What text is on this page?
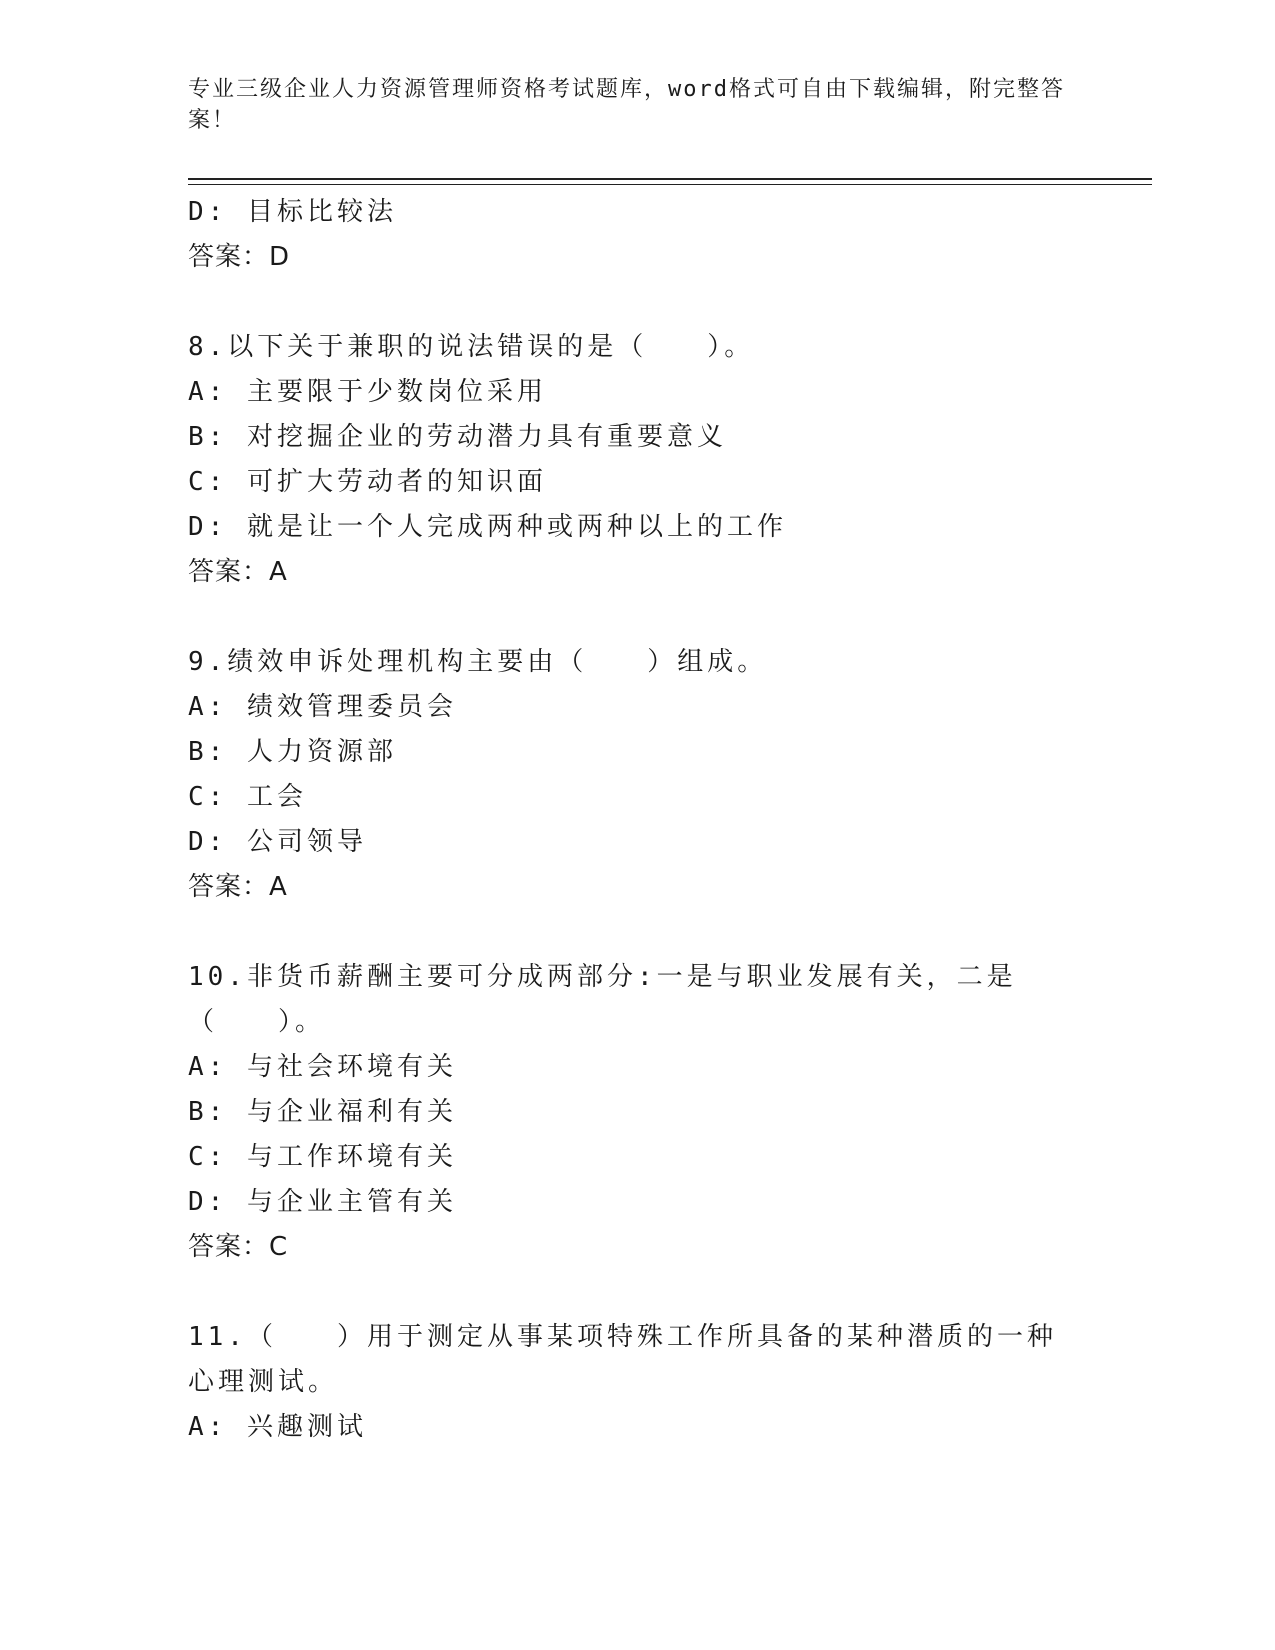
专业三级企业人力资源管理师资格考试题库，word格式可自由下载编辑，附完整答案！
D: 目标比较法
答案：D
8.以下关于兼职的说法错误的是（　　）。
A: 主要限于少数岗位采用
B: 对挖掘企业的劳动潜力具有重要意义
C: 可扩大劳动者的知识面
D: 就是让一个人完成两种或两种以上的工作
答案：A
9.绩效申诉处理机构主要由（　　）组成。
A: 绩效管理委员会
B: 人力资源部
C: 工会
D: 公司领导
答案：A
10.非货币薪酬主要可分成两部分:一是与职业发展有关，二是（　　）。
A: 与社会环境有关
B: 与企业福利有关
C: 与工作环境有关
D: 与企业主管有关
答案：C
11.（　　）用于测定从事某项特殊工作所具备的某种潜质的一种心理测试。
A: 兴趣测试
